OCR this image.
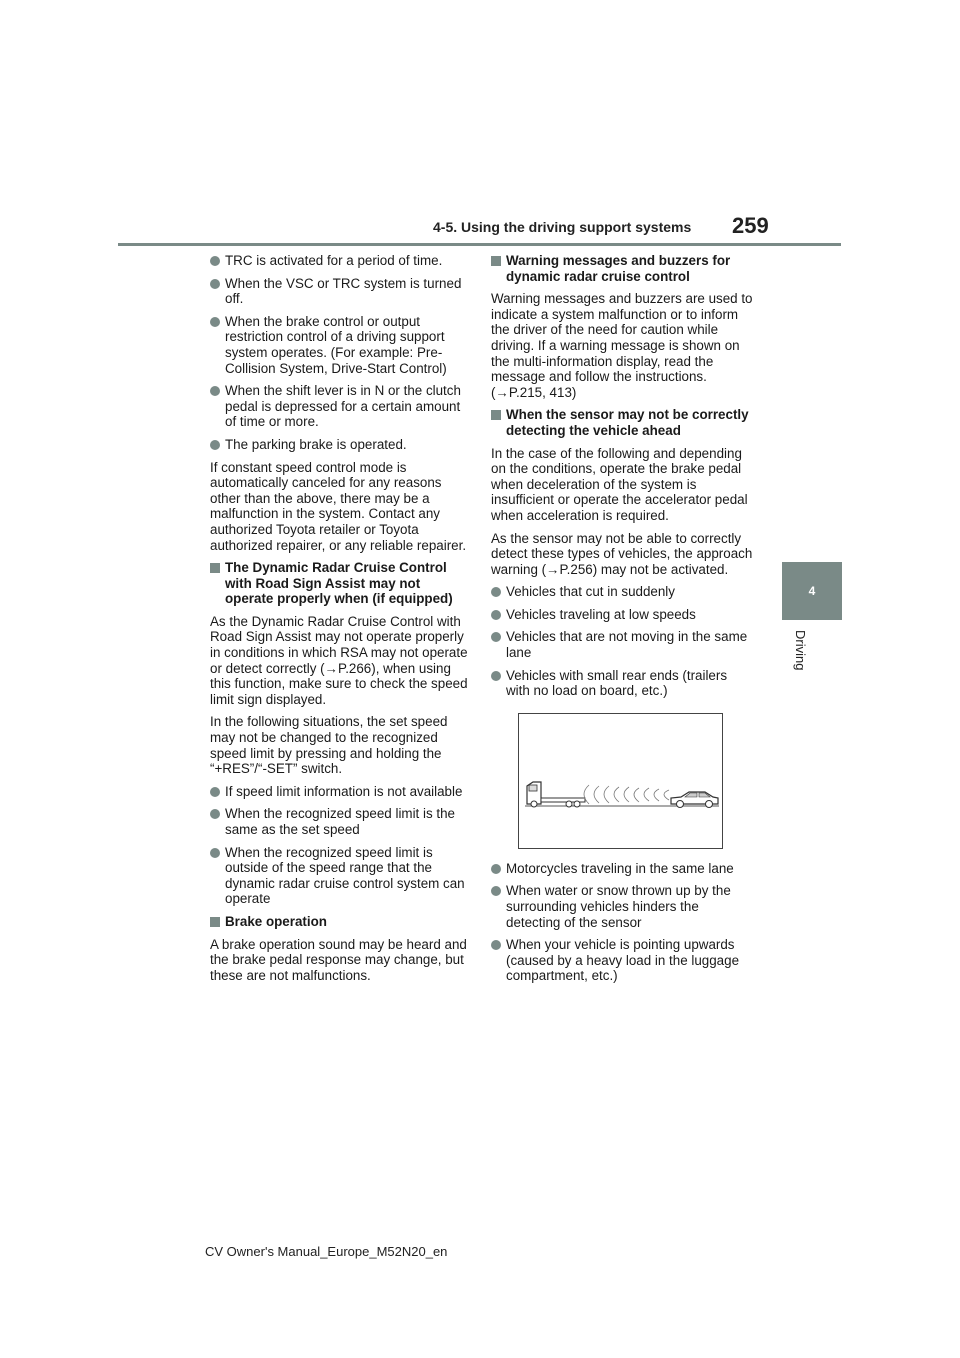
4-5. Using the driving support systems 259
4
Driving
TRC is activated for a period of time.
When the VSC or TRC system is turned off.
When the brake control or output restriction control of a driving support system operates. (For example: Pre-Collision System, Drive-Start Control)
When the shift lever is in N or the clutch pedal is depressed for a certain amount of time or more.
The parking brake is operated.

If constant speed control mode is automatically canceled for any reasons other than the above, there may be a malfunction in the system. Contact any authorized Toyota retailer or Toyota authorized repairer, or any reliable repairer.

The Dynamic Radar Cruise Control with Road Sign Assist may not operate properly when (if equipped)

As the Dynamic Radar Cruise Control with Road Sign Assist may not operate properly in conditions in which RSA may not operate or detect correctly (→P.266), when using this function, make sure to check the speed limit sign displayed.

In the following situations, the set speed may not be changed to the recognized speed limit by pressing and holding the “+RES”/“-SET” switch.

If speed limit information is not available
When the recognized speed limit is the same as the set speed
When the recognized speed limit is outside of the speed range that the dynamic radar cruise control system can operate
Brake operation

A brake operation sound may be heard and the brake pedal response may change, but these are not malfunctions.

Warning messages and buzzers for dynamic radar cruise control

Warning messages and buzzers are used to indicate a system malfunction or to inform the driver of the need for caution while driving. If a warning message is shown on the multi-information display, read the message and follow the instructions. (→P.215, 413)

When the sensor may not be correctly detecting the vehicle ahead

In the case of the following and depending on the conditions, operate the brake pedal when deceleration of the system is insufficient or operate the accelerator pedal when acceleration is required.

As the sensor may not be able to correctly detect these types of vehicles, the approach warning (→P.256) may not be activated.

Vehicles that cut in suddenly
Vehicles traveling at low speeds
Vehicles that are not moving in the same lane
Vehicles with small rear ends (trailers with no load on board, etc.)
Motorcycles traveling in the same lane
When water or snow thrown up by the surrounding vehicles hinders the detecting of the sensor
When your vehicle is pointing upwards (caused by a heavy load in the luggage compartment, etc.)
CV Owner's Manual_Europe_M52N20_en
